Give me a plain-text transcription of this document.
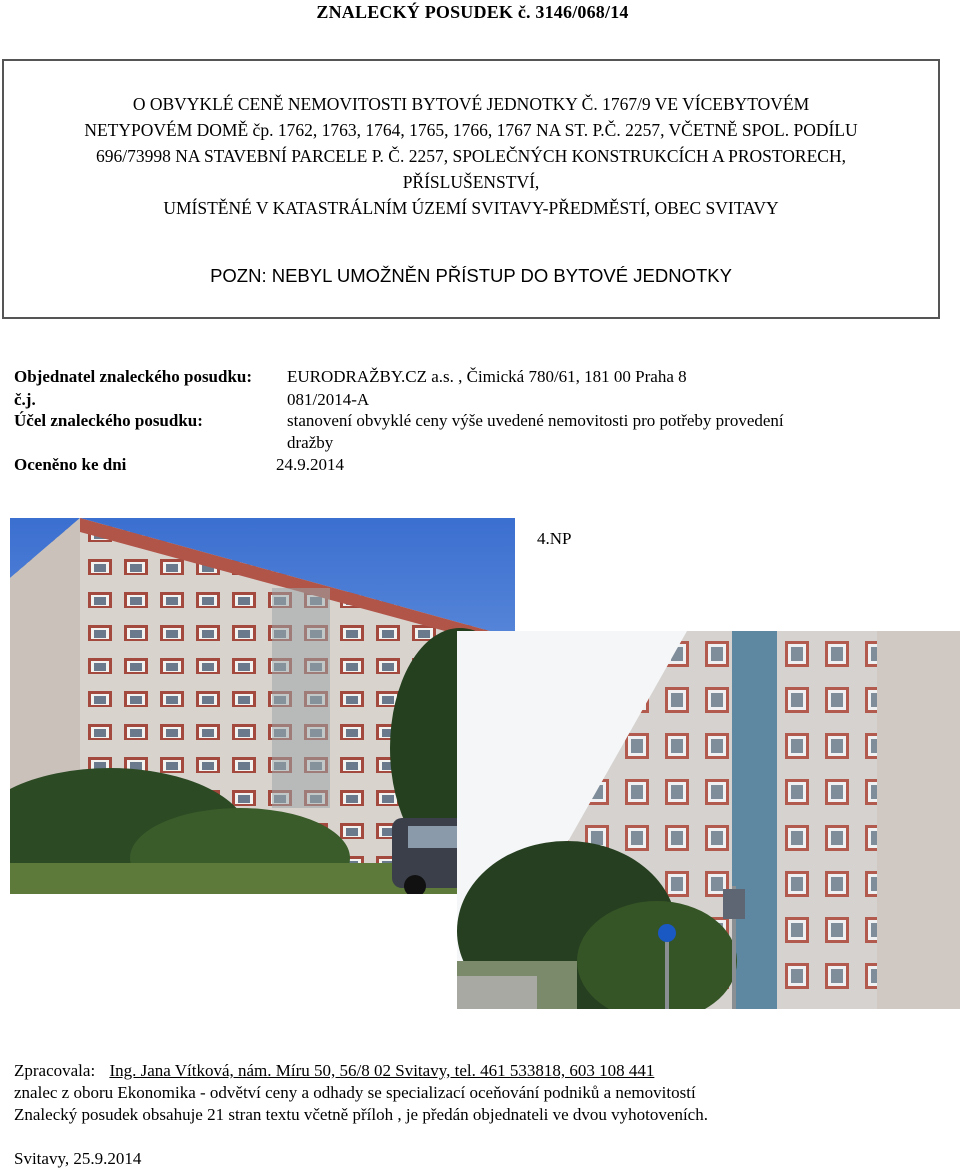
ZNALECKÝ POSUDEK č. 3146/068/14
O OBVYKLÉ CENĚ NEMOVITOSTI BYTOVÉ JEDNOTKY Č. 1767/9 VE VÍCEBYTOVÉM
NETYPOVÉM DOMĚ čp. 1762, 1763, 1764, 1765, 1766, 1767 NA ST. P.Č. 2257, VČETNĚ SPOL. PODÍLU
696/73998 NA STAVEBNÍ PARCELE P. Č. 2257, SPOLEČNÝCH KONSTRUKCÍCH A PROSTORECH,
PŘÍSLUŠENSTVÍ,
UMÍSTĚNÉ V KATASTRÁLNÍM ÚZEMÍ SVITAVY-PŘEDMĚSTÍ, OBEC SVITAVY
POZN: NEBYL UMOŽNĚN PŘÍSTUP DO BYTOVÉ JEDNOTKY
Objednatel znaleckého posudku: EURODRAŽBY.CZ a.s. , Čimická 780/61, 181 00 Praha 8
č.j.	081/2014-A
Účel znaleckého posudku:	stanovení obvyklé ceny výše uvedené nemovitosti pro potřeby provedení
dražby
Oceněno ke dni	24.9.2014
4.NP
Zpracovala: Ing. Jana Vítková, nám. Míru 50, 56/8 02 Svitavy, tel. 461 533818, 603 108 441
znalec z oboru Ekonomika - odvětví ceny a odhady se specializací oceňování podniků a nemovitostí
Znalecký posudek obsahuje 21 stran textu včetně příloh , je předán objednateli ve dvou vyhotoveních.
Svitavy, 25.9.2014
